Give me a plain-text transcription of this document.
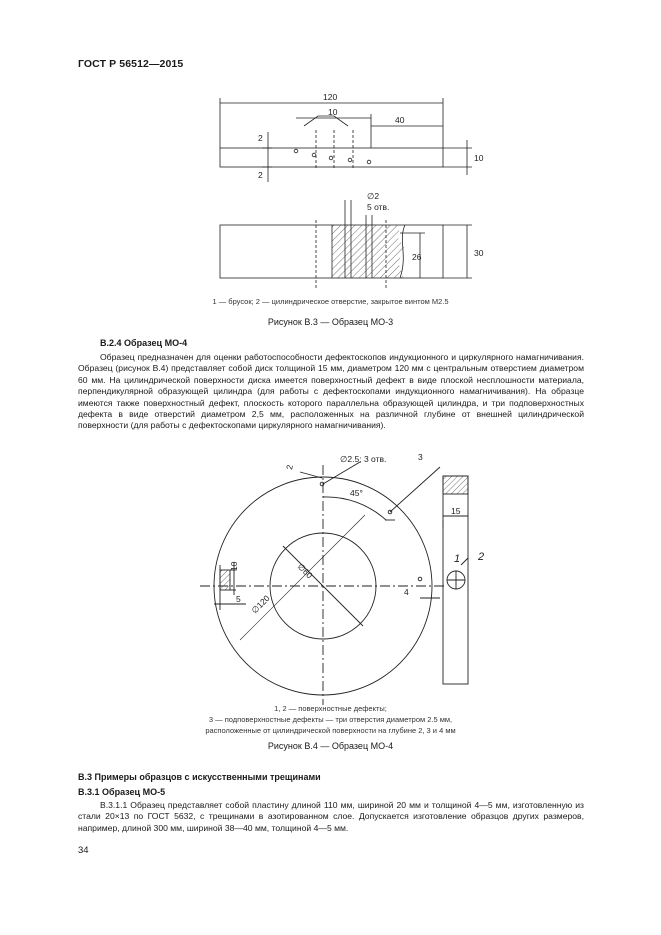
ГОСТ Р 56512—2015
120
10
40
10
2
2
∅2
5 отв.
26	30
1 — брусок; 2 — цилиндрическое отверстие, закрытое винтом М2.5
Рисунок В.3 — Образец МО-3
В.2.4 Образец МО-4

Образец предназначен для оценки работоспособности дефектоскопов индукционного и циркулярного намагничивания. Образец (рисунок В.4) представляет собой диск толщиной 15 мм, диаметром 120 мм с центральным отверстием диаметром 60 мм. На цилиндрической поверхности диска имеется поверхностный дефект в виде плоской несплошности материала, перпендикулярной образующей цилиндра (для работы с дефектоскопами индукционного намагничивания). На образце имеются также поверхностный дефект, плоскость которого параллельна образующей цилиндра, и три подповерхностных дефекта в виде отверстий диаметром 2,5 мм, расположенных на различной глубине от внешней цилиндрической поверхности (для работы с дефектоскопами циркулярного намагничивания).

∅2.5; 3 отв.
45°
∅60
∅120
2
10
5
4
15
1 2
3
1, 2 — поверхностные дефекты;
3 — подповерхностные дефекты — три отверстия диаметром 2.5 мм,
расположенные от цилиндрической поверхности на глубине 2, 3 и 4 мм
Рисунок В.4 — Образец МО-4
В.3 Примеры образцов с искусственными трещинами
В.3.1 Образец МО-5

В.3.1.1 Образец представляет собой пластину длиной 110 мм, шириной 20 мм и толщиной 4—5 мм, изготовленную из стали 20×13 по ГОСТ 5632, с трещинами в азотированном слое. Допускается изготовление образцов других размеров, например, длиной 300 мм, шириной 38—40 мм, толщиной 4—5 мм.

34
